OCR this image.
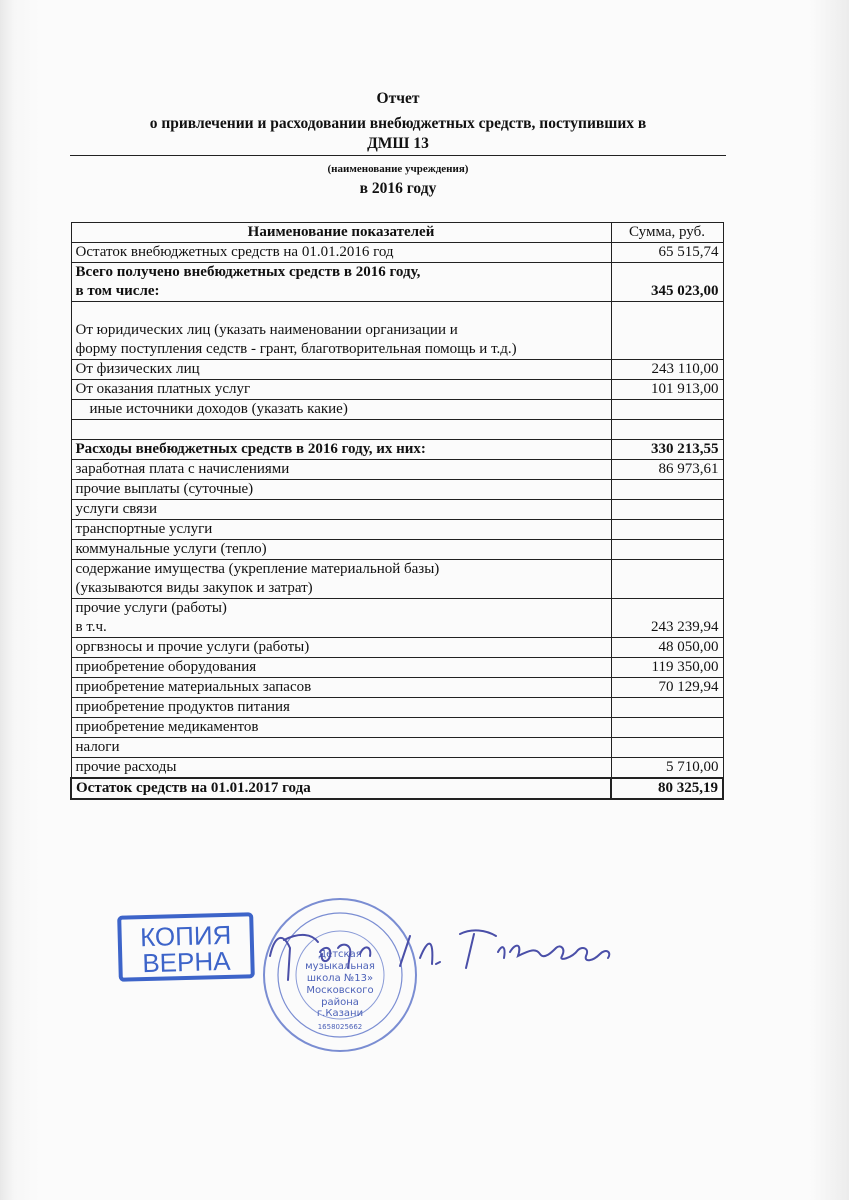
Отчет
о привлечении и расходовании внебюджетных средств, поступивших в
ДМШ 13
(наименование учреждения)
в 2016 году
Наименование показателей	Сумма, руб.
Остаток внебюджетных средств на 01.01.2016 год	65 515,74

Всего получено внебюджетных средств в 2016 году,
в том числе:	345 023,00

От юридических лиц (указать наименовании организации и
форму поступления седств - грант, благотворительная помощь и т.д.)	

От физических лиц	243 110,00
От оказания платных услуг	101 913,00
иные источники доходов (указать какие)	

Расходы внебюджетных средств в 2016 году, их них:	330 213,55
заработная плата с начислениями	86 973,61
прочие выплаты (суточные)	
услуги связи	
транспортные услуги	
коммунальные услуги (тепло)	

содержание имущества (укрепление материальной базы)
(указываются виды закупок и затрат)	

прочие услуги (работы)
в т.ч.	243 239,94
оргвзносы и прочие услуги (работы)	48 050,00
приобретение оборудования	119 350,00
приобретение материальных запасов	70 129,94
приобретение продуктов питания	
приобретение медикаментов	
налоги	
прочие расходы	5 710,00
Остаток средств на 01.01.2017 года	80 325,19
КОПИЯ
ВЕРНА	Детская
музыкальная
школа №13»
Московского
района
г.Казани
1658025662
